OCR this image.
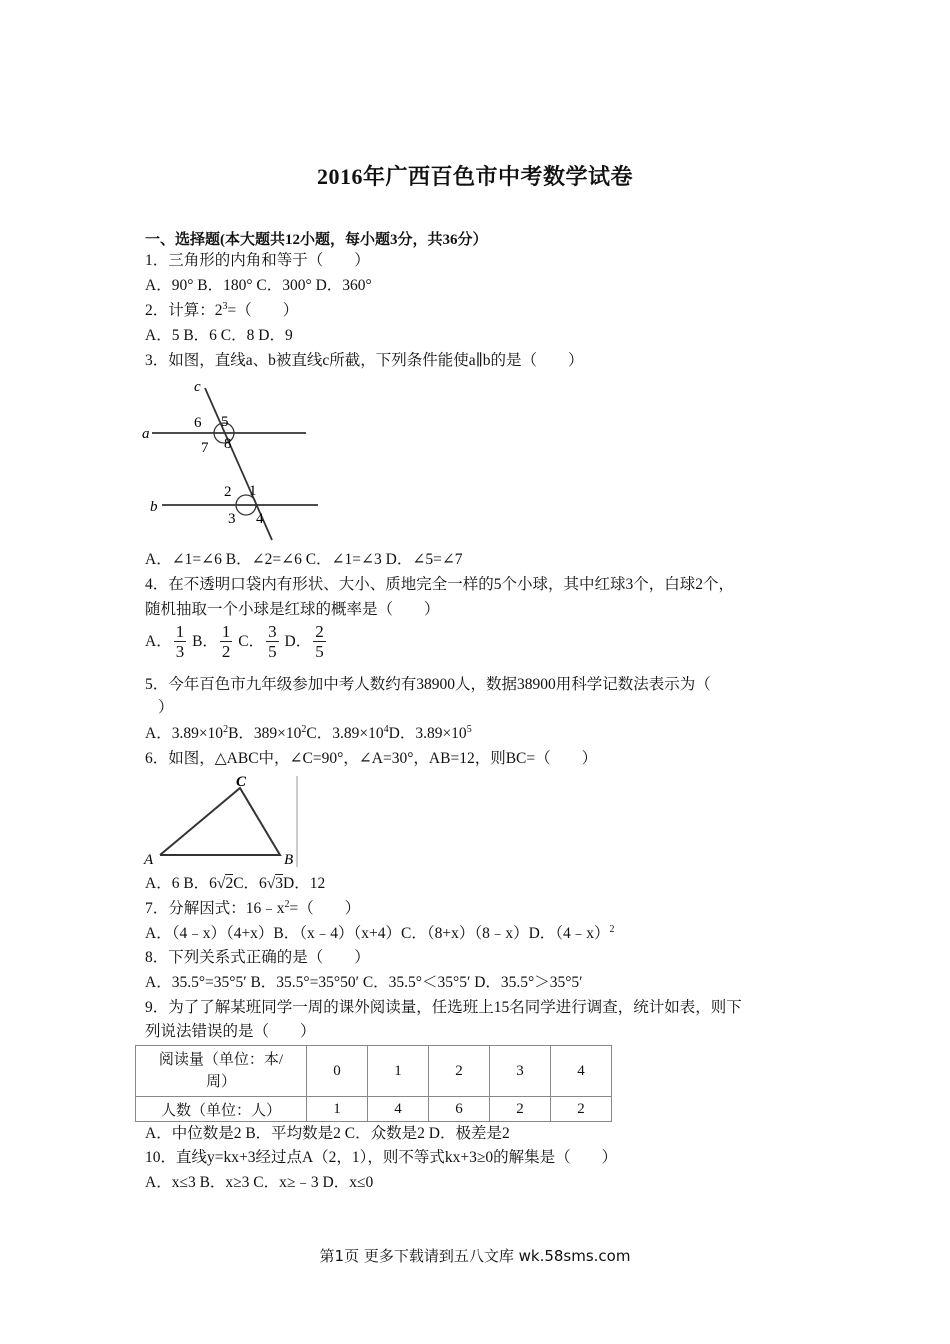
2016年广西百色市中考数学试卷
一、选择题(本大题共12小题，每小题3分，共36分）
1．三角形的内角和等于（　　）
A．90° B．180° C．300° D．360°
2．计算：$2^3=$（　　）
A．5 B．6 C．8 D．9
3．如图，直线a、b被直线c所截，下列条件能使a∥b的是（　　）
a
b
c
5
6
7 8
1
2
3 4
A．∠1=∠6 B．∠2=∠6 C．∠1=∠3 D．∠5=∠7
4．在不透明口袋内有形状、大小、质地完全一样的5个小球，其中红球3个，白球2个，
随机抽取一个小球是红球的概率是（　　）
A． $\frac{1}{3}$ B． $\frac{1}{2}$ C． $\frac{3}{5}$ D． $\frac{2}{5}$
5．今年百色市九年级参加中考人数约有38900人，数据38900用科学记数法表示为（
）
A．$3.89\times 10^2B$．$389\times 10^2C$．$3.89\times 10^4D$．$3.89\times 10^5$
6．如图，△ABC中，∠C=90°，∠A=30°，AB=12，则BC=（　　）
A	B
C
A．6 B．6√2C．6√3D．12
7．分解因式：$16﹣x^2=$（　　）
A．（4﹣x）（4+x）B．（x﹣4）（x+4）C．（8+x）（8﹣x）D．（4﹣x）$^2$
8．下列关系式正确的是（　　）
A．35.5°=35°5′ B．35.5°=35°50′ C．35.5°＜35°5′ D．35.5°＞35°5′
9．为了了解某班同学一周的课外阅读量，任选班上15名同学进行调查，统计如表，则下
列说法错误的是（　　）
阅读量（单位：本/
周）	0	1	2	3	4
人数（单位：人）	1	4	6	2	2
A．中位数是2 B．平均数是2 C．众数是2 D．极差是2
10．直线y=kx+3经过点A（2，1），则不等式kx+3≥0的解集是（　　）
A．x≤3 B．x≥3 C．x≥﹣3 D．x≤0
第1页 更多下载请到五八文库 wk.58sms.com
